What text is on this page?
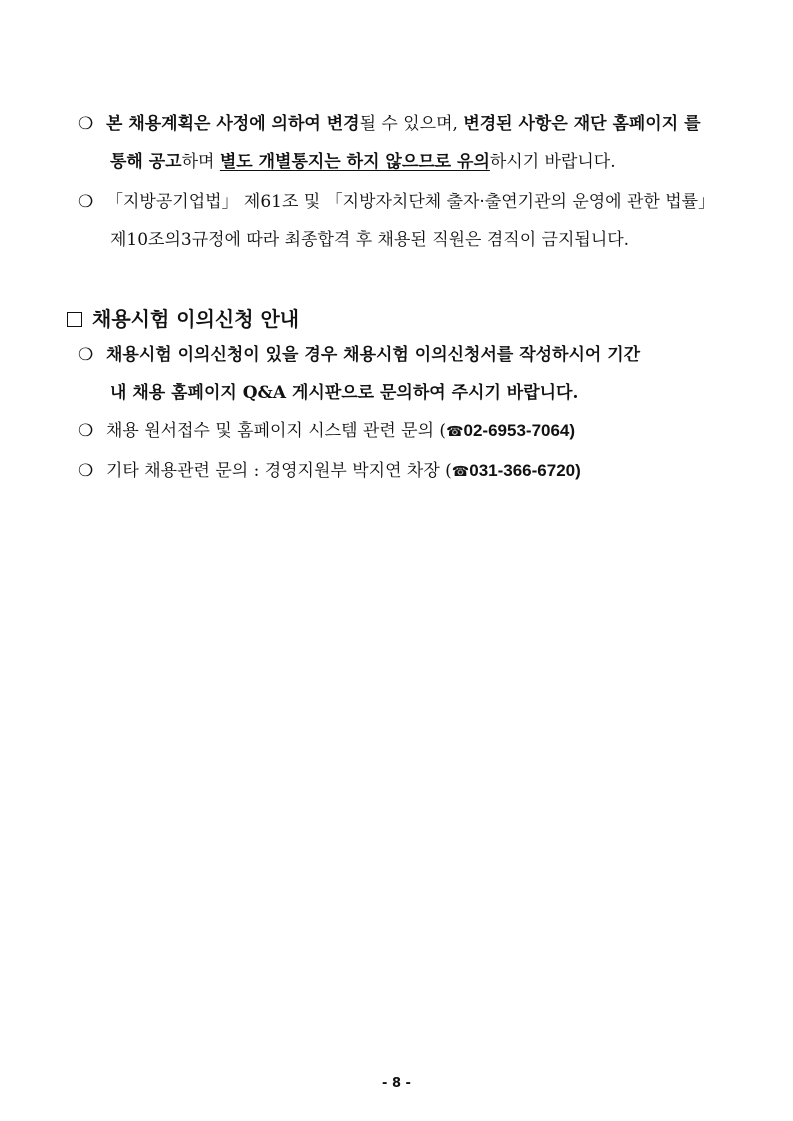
❍ 본 채용계획은 사정에 의하여 변경될 수 있으며, 변경된 사항은 재단 홈페이지 를
통해 공고하며 별도 개별통지는 하지 않으므로 유의하시기 바랍니다.
❍ 「지방공기업법」 제61조 및 「지방자치단체 출자·출연기관의 운영에 관한 법률」
제10조의3규정에 따라 최종합격 후 채용된 직원은 겸직이 금지됩니다.
채용시험 이의신청 안내
❍ 채용시험 이의신청이 있을 경우 채용시험 이의신청서를 작성하시어 기간
내 채용 홈페이지 Q&A 게시판으로 문의하여 주시기 바랍니다.
❍ 채용 원서접수 및 홈페이지 시스템 관련 문의 (☎02-6953-7064)
❍ 기타 채용관련 문의 : 경영지원부 박지연 차장 (☎031-366-6720)
- 8 -
